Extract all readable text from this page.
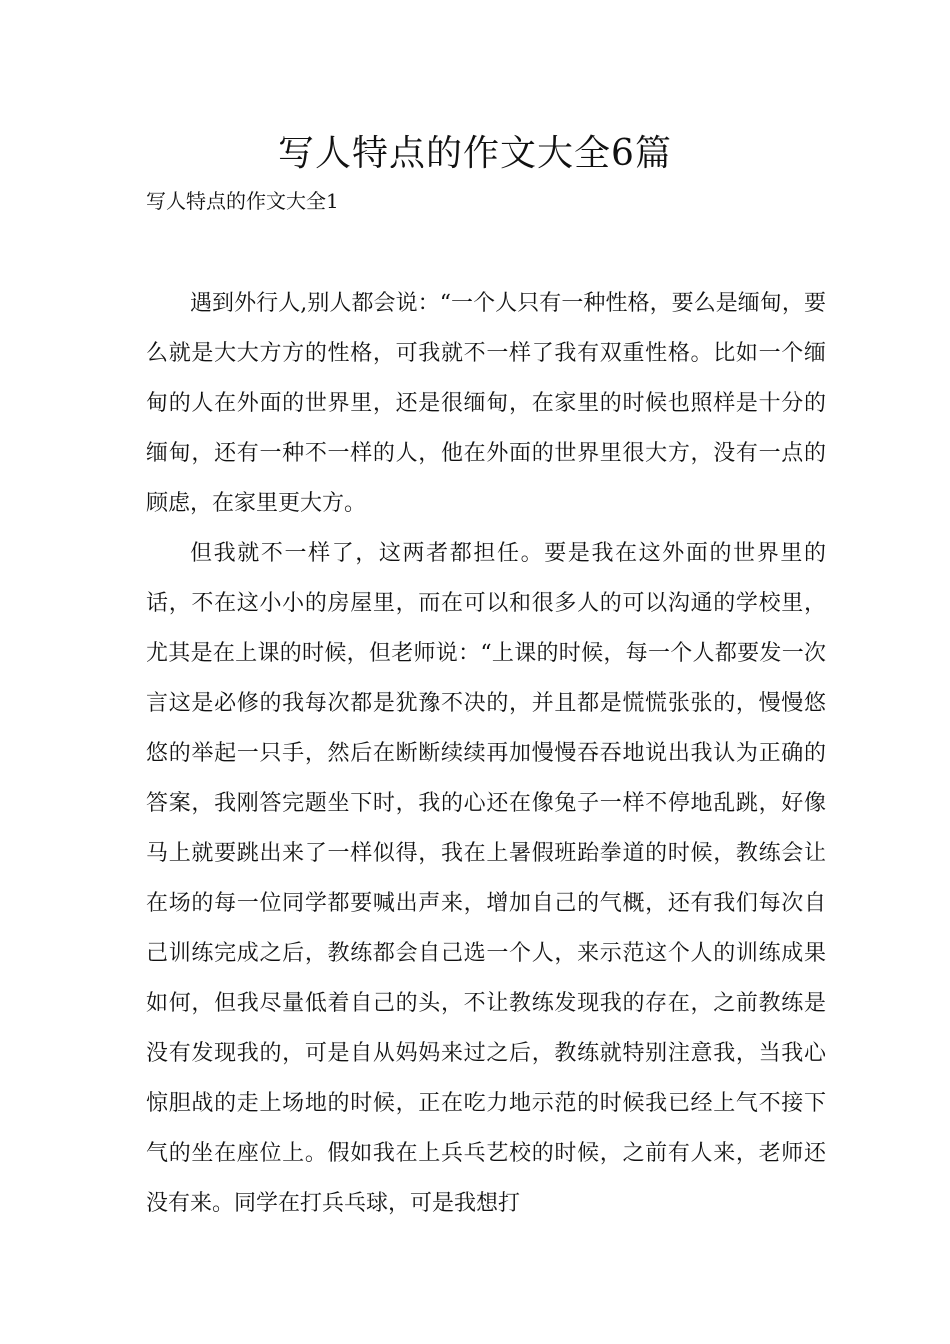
写人特点的作文大全6篇
写人特点的作文大全1

遇到外行人,别人都会说：“一个人只有一种性格，要么是缅甸，要么就是大大方方的性格，可我就不一样了我有双重性格。比如一个缅甸的人在外面的世界里，还是很缅甸，在家里的时候也照样是十分的缅甸，还有一种不一样的人，他在外面的世界里很大方，没有一点的顾虑，在家里更大方。

但我就不一样了，这两者都担任。要是我在这外面的世界里的话，不在这小小的房屋里，而在可以和很多人的可以沟通的学校里，尤其是在上课的时候，但老师说：“上课的时候，每一个人都要发一次言这是必修的我每次都是犹豫不决的，并且都是慌慌张张的，慢慢悠悠的举起一只手，然后在断断续续再加慢慢吞吞地说出我认为正确的答案，我刚答完题坐下时，我的心还在像兔子一样不停地乱跳，好像马上就要跳出来了一样似得，我在上暑假班跆拳道的时候，教练会让在场的每一位同学都要喊出声来，增加自己的气概，还有我们每次自己训练完成之后，教练都会自己选一个人，来示范这个人的训练成果如何，但我尽量低着自己的头，不让教练发现我的存在，之前教练是没有发现我的，可是自从妈妈来过之后，教练就特别注意我，当我心惊胆战的走上场地的时候，正在吃力地示范的时候我已经上气不接下气的坐在座位上。假如我在上兵乓艺校的时候，之前有人来，老师还没有来。同学在打兵乓球，可是我想打
